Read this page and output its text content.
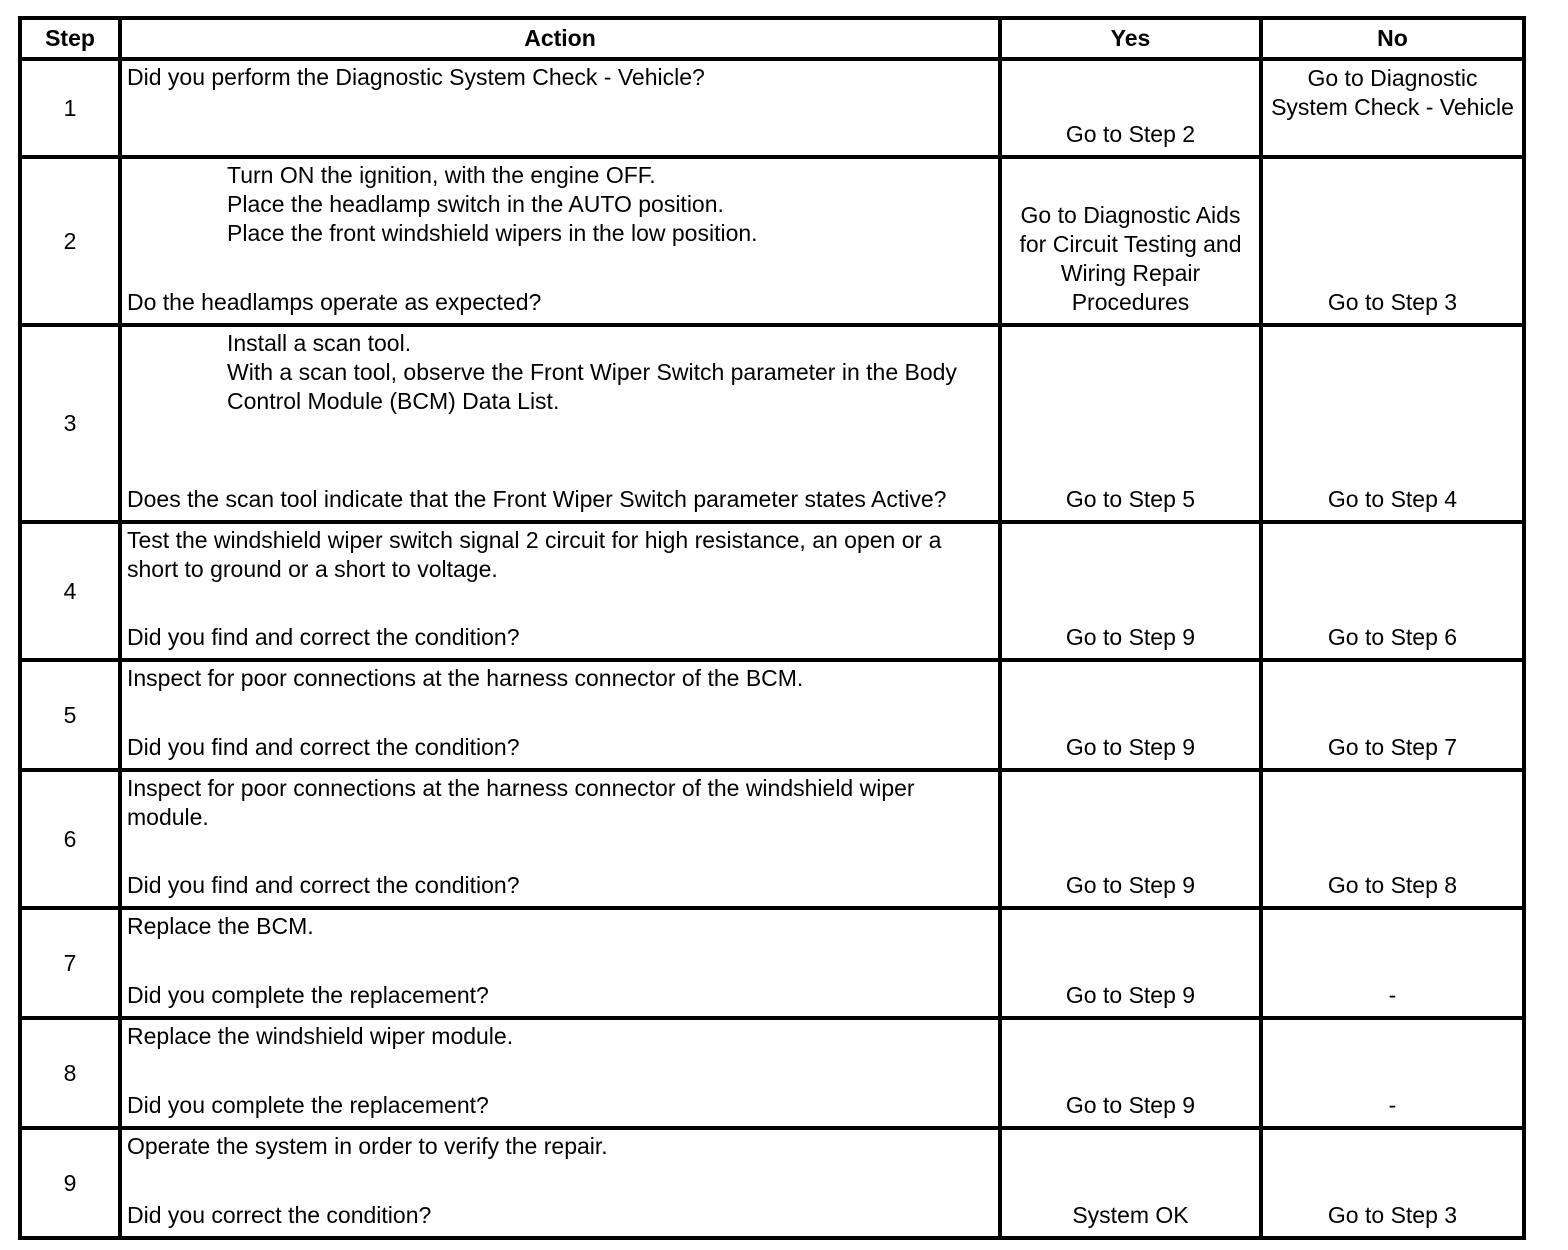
Step	Action	Yes	No
1	Did you perform the Diagnostic System Check - Vehicle?	Go to Step 2	Go to Diagnostic System Check - Vehicle

2	Turn ON the ignition, with the engine OFF.
Place the headlamp switch in the AUTO position.
Place the front windshield wipers in the low position.
Do the headlamps operate as expected?	Go to Diagnostic Aids for Circuit Testing and Wiring Repair Procedures	Go to Step 3

3	Install a scan tool.
With a scan tool, observe the Front Wiper Switch parameter in the Body Control Module (BCM) Data List.
Does the scan tool indicate that the Front Wiper Switch parameter states Active?	Go to Step 5	Go to Step 4

4	Test the windshield wiper switch signal 2 circuit for high resistance, an open or a short to ground or a short to voltage.
Did you find and correct the condition?	Go to Step 9	Go to Step 6

5	Inspect for poor connections at the harness connector of the BCM.
Did you find and correct the condition?	Go to Step 9	Go to Step 7

6	Inspect for poor connections at the harness connector of the windshield wiper module.
Did you find and correct the condition?	Go to Step 9	Go to Step 8

7	Replace the BCM.
Did you complete the replacement?	Go to Step 9	-

8	Replace the windshield wiper module.
Did you complete the replacement?	Go to Step 9	-

9	Operate the system in order to verify the repair.
Did you correct the condition?	System OK	Go to Step 3
